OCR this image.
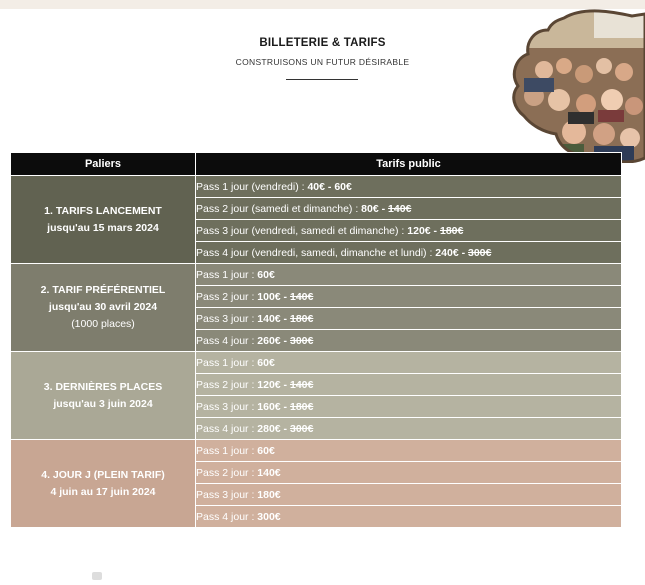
BILLETERIE & TARIFS
CONSTRUISONS UN FUTUR DÉSIRABLE
Paliers	Tarifs public

1. TARIFS LANCEMENT
jusqu'au 15 mars 2024	Pass 1 jour (vendredi) : 40€ - 60€
	Pass 2 jour (samedi et dimanche) : 80€ - 140€
	Pass 3 jour (vendredi, samedi et dimanche) : 120€ - 180€
	Pass 4 jour (vendredi, samedi, dimanche et lundi) : 240€ - 300€

2. TARIF PRÉFÉRENTIEL
jusqu'au 30 avril 2024
(1000 places)	Pass 1 jour : 60€
	Pass 2 jour : 100€ - 140€
	Pass 3 jour : 140€ - 180€
	Pass 4 jour : 260€ - 300€

3. DERNIÈRES PLACES
jusqu'au 3 juin 2024	Pass 1 jour : 60€
	Pass 2 jour : 120€ - 140€
	Pass 3 jour : 160€ - 180€
	Pass 4 jour : 280€ - 300€

4. JOUR J (PLEIN TARIF)
4 juin au 17 juin 2024	Pass 1 jour : 60€
	Pass 2 jour : 140€
	Pass 3 jour : 180€
	Pass 4 jour : 300€
